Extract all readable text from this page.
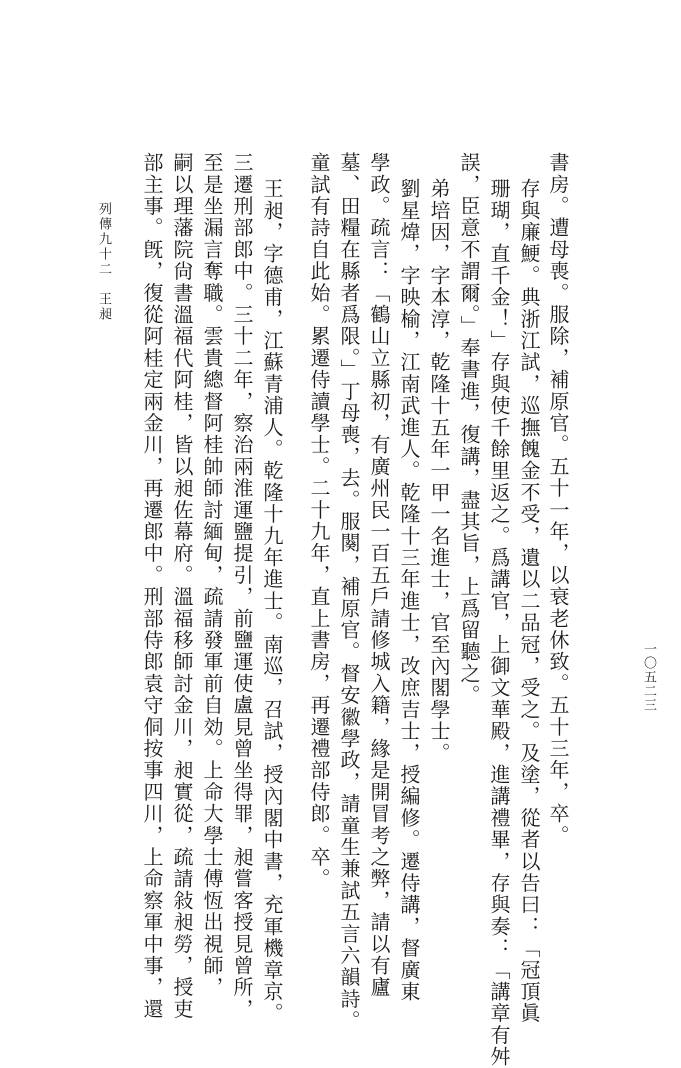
一〇五二三
書房。遭母喪。服除，補原官。五十一年，以衰老休致。五十三年，卒。
存與廉鯁。典浙江試，巡撫餽金不受，遺以二品冠，受之。及塗，從者以告曰：「冠頂眞
珊瑚，直千金！」存與使千餘里返之。爲講官，上御文華殿，進講禮畢，存與奏：「講章有舛
誤，臣意不謂爾。」奉書進，復講，盡其旨，上爲留聽之。
弟培因，字本淳，乾隆十五年一甲一名進士，官至內閣學士。
劉星煒，字映榆，江南武進人。乾隆十三年進士，改庶吉士，授編修。遷侍講，督廣東
學政。疏言：「鶴山立縣初，有廣州民一百五戶請修城入籍，緣是開冒考之弊，請以有廬
墓、田糧在縣者爲限。」丁母喪，去。服闋，補原官。督安徽學政，請童生兼試五言六韻詩。
童試有詩自此始。累遷侍讀學士。二十九年，直上書房，再遷禮部侍郎。卒。
王昶，字德甫，江蘇青浦人。乾隆十九年進士。南巡，召試，授內閣中書，充軍機章京。
三遷刑部郎中。三十二年，察治兩淮運鹽提引，前鹽運使盧見曾坐得罪，昶嘗客授見曾所，
至是坐漏言奪職。雲貴總督阿桂帥師討緬甸，疏請發軍前自効。上命大學士傅恆出視師，
嗣以理藩院尙書溫福代阿桂，皆以昶佐幕府。溫福移師討金川，昶實從，疏請敍昶勞，授吏
部主事。旣，復從阿桂定兩金川，再遷郎中。刑部侍郎袁守侗按事四川，上命察軍中事，還
列傳九十二　王昶
